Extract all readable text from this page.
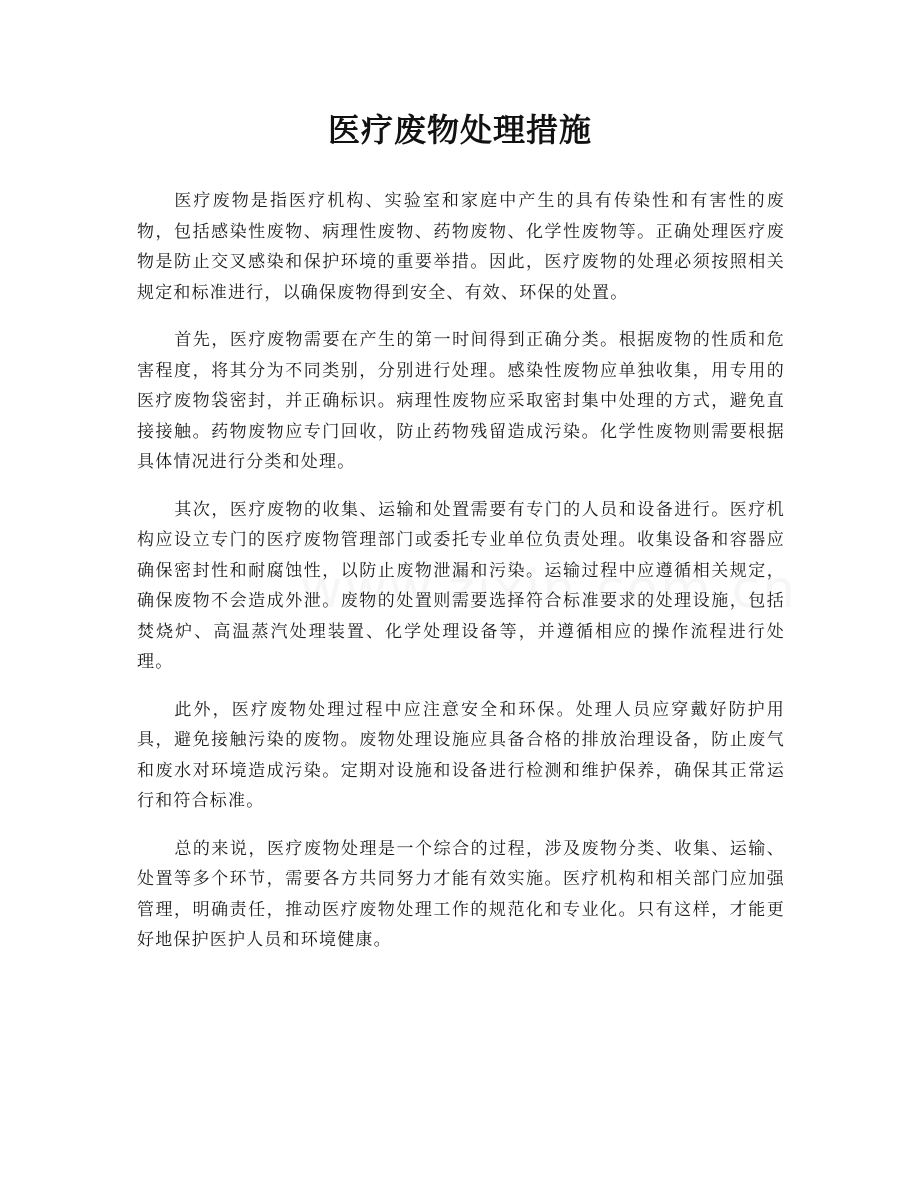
医疗废物处理措施

医疗废物是指医疗机构、实验室和家庭中产生的具有传染性和有害性的废物，包括感染性废物、病理性废物、药物废物、化学性废物等。正确处理医疗废物是防止交叉感染和保护环境的重要举措。因此，医疗废物的处理必须按照相关规定和标准进行，以确保废物得到安全、有效、环保的处置。

首先，医疗废物需要在产生的第一时间得到正确分类。根据废物的性质和危害程度，将其分为不同类别，分别进行处理。感染性废物应单独收集，用专用的医疗废物袋密封，并正确标识。病理性废物应采取密封集中处理的方式，避免直接接触。药物废物应专门回收，防止药物残留造成污染。化学性废物则需要根据具体情况进行分类和处理。

其次，医疗废物的收集、运输和处置需要有专门的人员和设备进行。医疗机构应设立专门的医疗废物管理部门或委托专业单位负责处理。收集设备和容器应确保密封性和耐腐蚀性，以防止废物泄漏和污染。运输过程中应遵循相关规定，确保废物不会造成外泄。废物的处置则需要选择符合标准要求的处理设施，包括焚烧炉、高温蒸汽处理装置、化学处理设备等，并遵循相应的操作流程进行处理。

此外，医疗废物处理过程中应注意安全和环保。处理人员应穿戴好防护用具，避免接触污染的废物。废物处理设施应具备合格的排放治理设备，防止废气和废水对环境造成污染。定期对设施和设备进行检测和维护保养，确保其正常运行和符合标准。

总的来说，医疗废物处理是一个综合的过程，涉及废物分类、收集、运输、处置等多个环节，需要各方共同努力才能有效实施。医疗机构和相关部门应加强管理，明确责任，推动医疗废物处理工作的规范化和专业化。只有这样，才能更好地保护医护人员和环境健康。
